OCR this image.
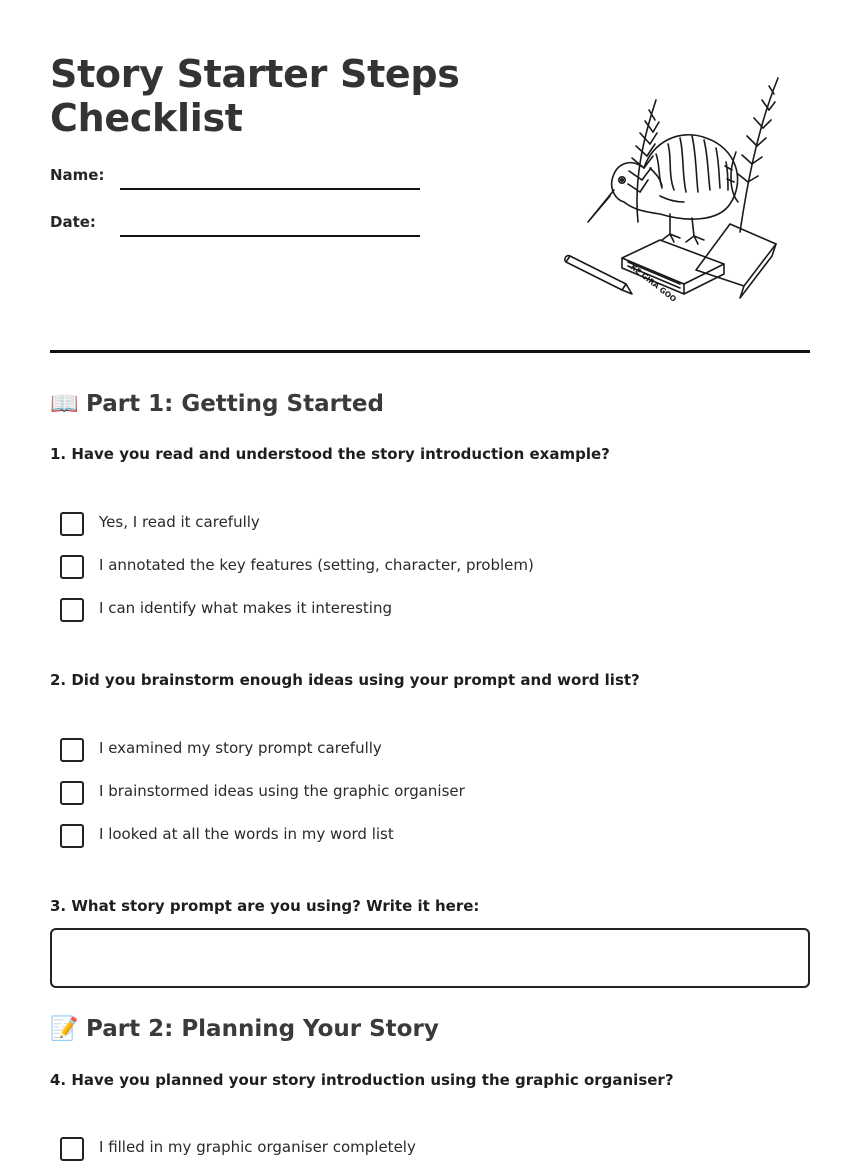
Story Starter Steps
Checklist
Name:
Date:
KE GIRA GOO
📖 Part 1: Getting Started

1. Have you read and understood the story introduction example?

Yes, I read it carefully
I annotated the key features (setting, character, problem)
I can identify what makes it interesting

2. Did you brainstorm enough ideas using your prompt and word list?

I examined my story prompt carefully
I brainstormed ideas using the graphic organiser
I looked at all the words in my word list

3. What story prompt are you using? Write it here:

📝 Part 2: Planning Your Story

4. Have you planned your story introduction using the graphic organiser?

I filled in my graphic organiser completely
